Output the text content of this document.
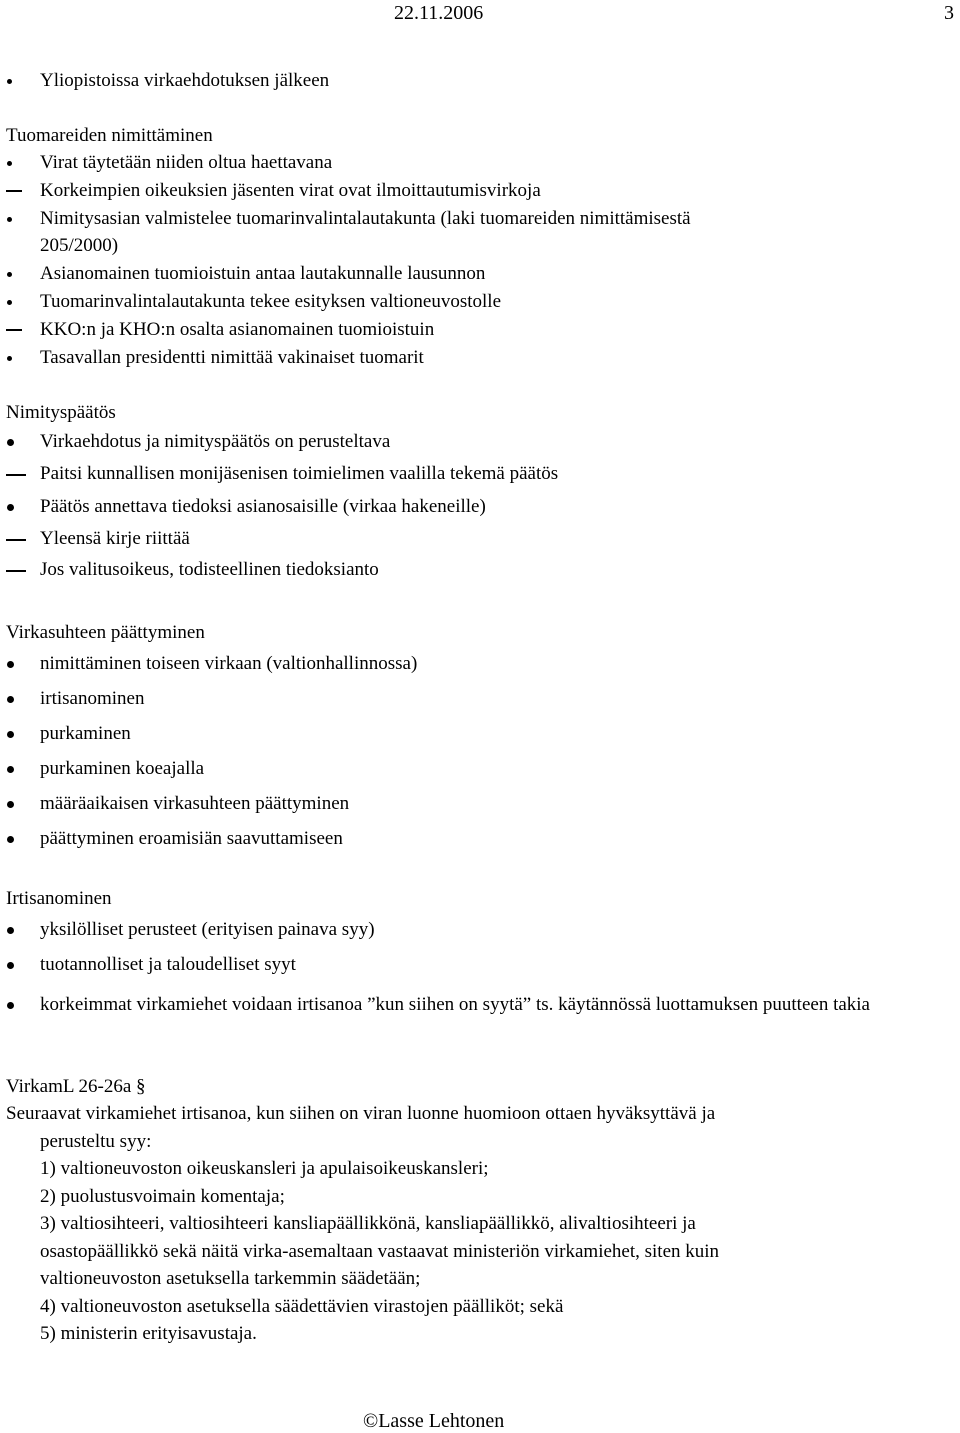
22.11.2006	3
Yliopistoissa virkaehdotuksen jälkeen
Tuomareiden nimittäminen
Virat täytetään niiden oltua haettavana
Korkeimpien oikeuksien jäsenten virat ovat ilmoittautumisvirkoja
Nimitysasian valmistelee tuomarinvalintalautakunta (laki tuomareiden nimittämisestä
205/2000)
Asianomainen tuomioistuin antaa lautakunnalle lausunnon
Tuomarinvalintalautakunta tekee esityksen valtioneuvostolle
KKO:n ja KHO:n osalta asianomainen tuomioistuin
Tasavallan presidentti nimittää vakinaiset tuomarit
Nimityspäätös
Virkaehdotus ja nimityspäätös on perusteltava
Paitsi kunnallisen monijäsenisen toimielimen vaalilla tekemä päätös
Päätös annettava tiedoksi asianosaisille (virkaa hakeneille)
Yleensä kirje riittää
Jos valitusoikeus, todisteellinen tiedoksianto
Virkasuhteen päättyminen
nimittäminen toiseen virkaan (valtionhallinnossa)
irtisanominen
purkaminen
purkaminen koeajalla
määräaikaisen virkasuhteen päättyminen
päättyminen eroamisiän saavuttamiseen
Irtisanominen
yksilölliset perusteet (erityisen painava syy)
tuotannolliset ja taloudelliset syyt
korkeimmat virkamiehet voidaan irtisanoa ”kun siihen on syytä” ts. käytännössä luottamuksen puutteen takia
VirkamL 26-26a §
Seuraavat virkamiehet irtisanoa, kun siihen on viran luonne huomioon ottaen hyväksyttävä ja
perusteltu syy:
1) valtioneuvoston oikeuskansleri ja apulaisoikeuskansleri;
2) puolustusvoimain komentaja;
3) valtiosihteeri, valtiosihteeri kansliapäällikkönä, kansliapäällikkö, alivaltiosihteeri ja
osastopäällikkö sekä näitä virka-asemaltaan vastaavat ministeriön virkamiehet, siten kuin
valtioneuvoston asetuksella tarkemmin säädetään;
4) valtioneuvoston asetuksella säädettävien virastojen päälliköt; sekä
5) ministerin erityisavustaja.
©Lasse Lehtonen
